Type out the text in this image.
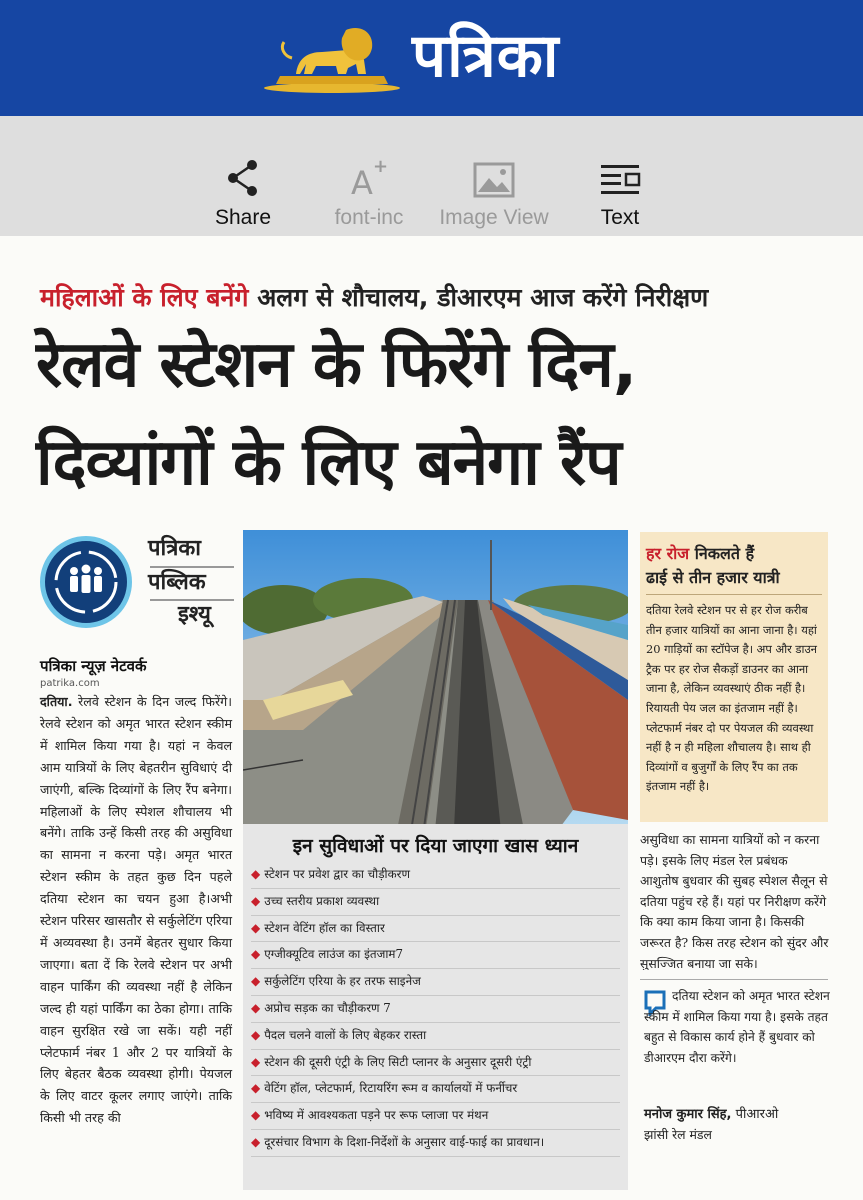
पत्रिका
Share
A +
font-inc	Image View	Text
महिलाओं के लिए बनेंगे अलग से शौचालय, डीआरएम आज करेंगे निरीक्षण
रेलवे स्टेशन के फिरेंगे दिन,
दिव्यांगों के लिए बनेगा रैंप
पत्रिका
पब्लिक
इश्यू
पत्रिका न्यूज़ नेटवर्क
patrika.com
दतिया. रेलवे स्टेशन के दिन जल्द फिरेंगे। रेलवे स्टेशन को अमृत भारत स्टेशन स्कीम में शामिल किया गया है। यहां न केवल आम यात्रियों के लिए बेहतरीन सुविधाएं दी जाएंगी, बल्कि दिव्यांगों के लिए रैंप बनेगा। महिलाओं के लिए स्पेशल शौचालय भी बनेंगे। ताकि उन्हें किसी तरह की असुविधा का सामना न करना पड़े। अमृत भारत स्टेशन स्कीम के तहत कुछ दिन पहले दतिया स्टेशन का चयन हुआ है।अभी स्टेशन परिसर खासतौर से सर्कुलेटिंग एरिया में अव्यवस्था है। उनमें बेहतर सुधार किया जाएगा। बता दें कि रेलवे स्टेशन पर अभी वाहन पार्किंग की व्यवस्था नहीं है लेकिन जल्द ही यहां पार्किंग का ठेका होगा। ताकि वाहन सुरक्षित रखे जा सकें। यही नहीं प्लेटफार्म नंबर 1 और 2 पर यात्रियों के लिए बेहतर बैठक व्यवस्था होगी। पेयजल के लिए वाटर कूलर लगाए जाएंगे। ताकि किसी भी तरह की
इन सुविधाओं पर दिया जाएगा खास ध्यान
◆ स्टेशन पर प्रवेश द्वार का चौड़ीकरण
◆ उच्च स्तरीय प्रकाश व्यवस्था
◆ स्टेशन वेटिंग हॉल का विस्तार
◆ एग्जीक्यूटिव लाउंज का इंतजाम7
◆ सर्कुलेटिंग एरिया के हर तरफ साइनेज
◆ अप्रोच सड़क का चौड़ीकरण 7
◆ पैदल चलने वालों के लिए बेहकर रास्ता
◆ स्टेशन की दूसरी एंट्री के लिए सिटी प्लानर के अनुसार दूसरी एंट्री
◆ वेटिंग हॉल, प्लेटफार्म, रिटायरिंग रूम व कार्यालयों में फर्नीचर
◆ भविष्य में आवश्यकता पड़ने पर रूफ प्लाजा पर मंथन
◆ दूरसंचार विभाग के दिशा-निर्देशों के अनुसार वाई-फाई का प्रावधान।
हर रोज निकलते हैं
ढाई से तीन हजार यात्री
दतिया रेलवे स्टेशन पर से हर रोज करीब तीन हजार यात्रियों का आना जाना है। यहां 20 गाड़ियों का स्टॉपेज है। अप और डाउन ट्रैक पर हर रोज सैकड़ों डाउनर का आना जाना है, लेकिन व्यवस्थाएं ठीक नहीं है। रियायती पेय जल का इंतजाम नहीं है। प्लेटफार्म नंबर दो पर पेयजल की व्यवस्था नहीं है न ही महिला शौचालय है। साथ ही दिव्यांगों व बुजुर्गों के लिए रैंप का तक इंतजाम नहीं है।
असुविधा का सामना यात्रियों को न करना पड़े। इसके लिए मंडल रेल प्रबंधक आशुतोष बुधवार की सुबह स्पेशल सैलून से दतिया पहुंच रहे हैं। यहां पर निरीक्षण करेंगे कि क्या काम किया जाना है। किसकी जरूरत है? किस तरह स्टेशन को सुंदर और सुसज्जित बनाया जा सके।
दतिया स्टेशन को अमृत भारत स्टेशन स्कीम में शामिल किया गया है। इसके तहत बहुत से विकास कार्य होने हैं बुधवार को डीआरएम दौरा करेंगे।
मनोज कुमार सिंह, पीआरओ
झांसी रेल मंडल
